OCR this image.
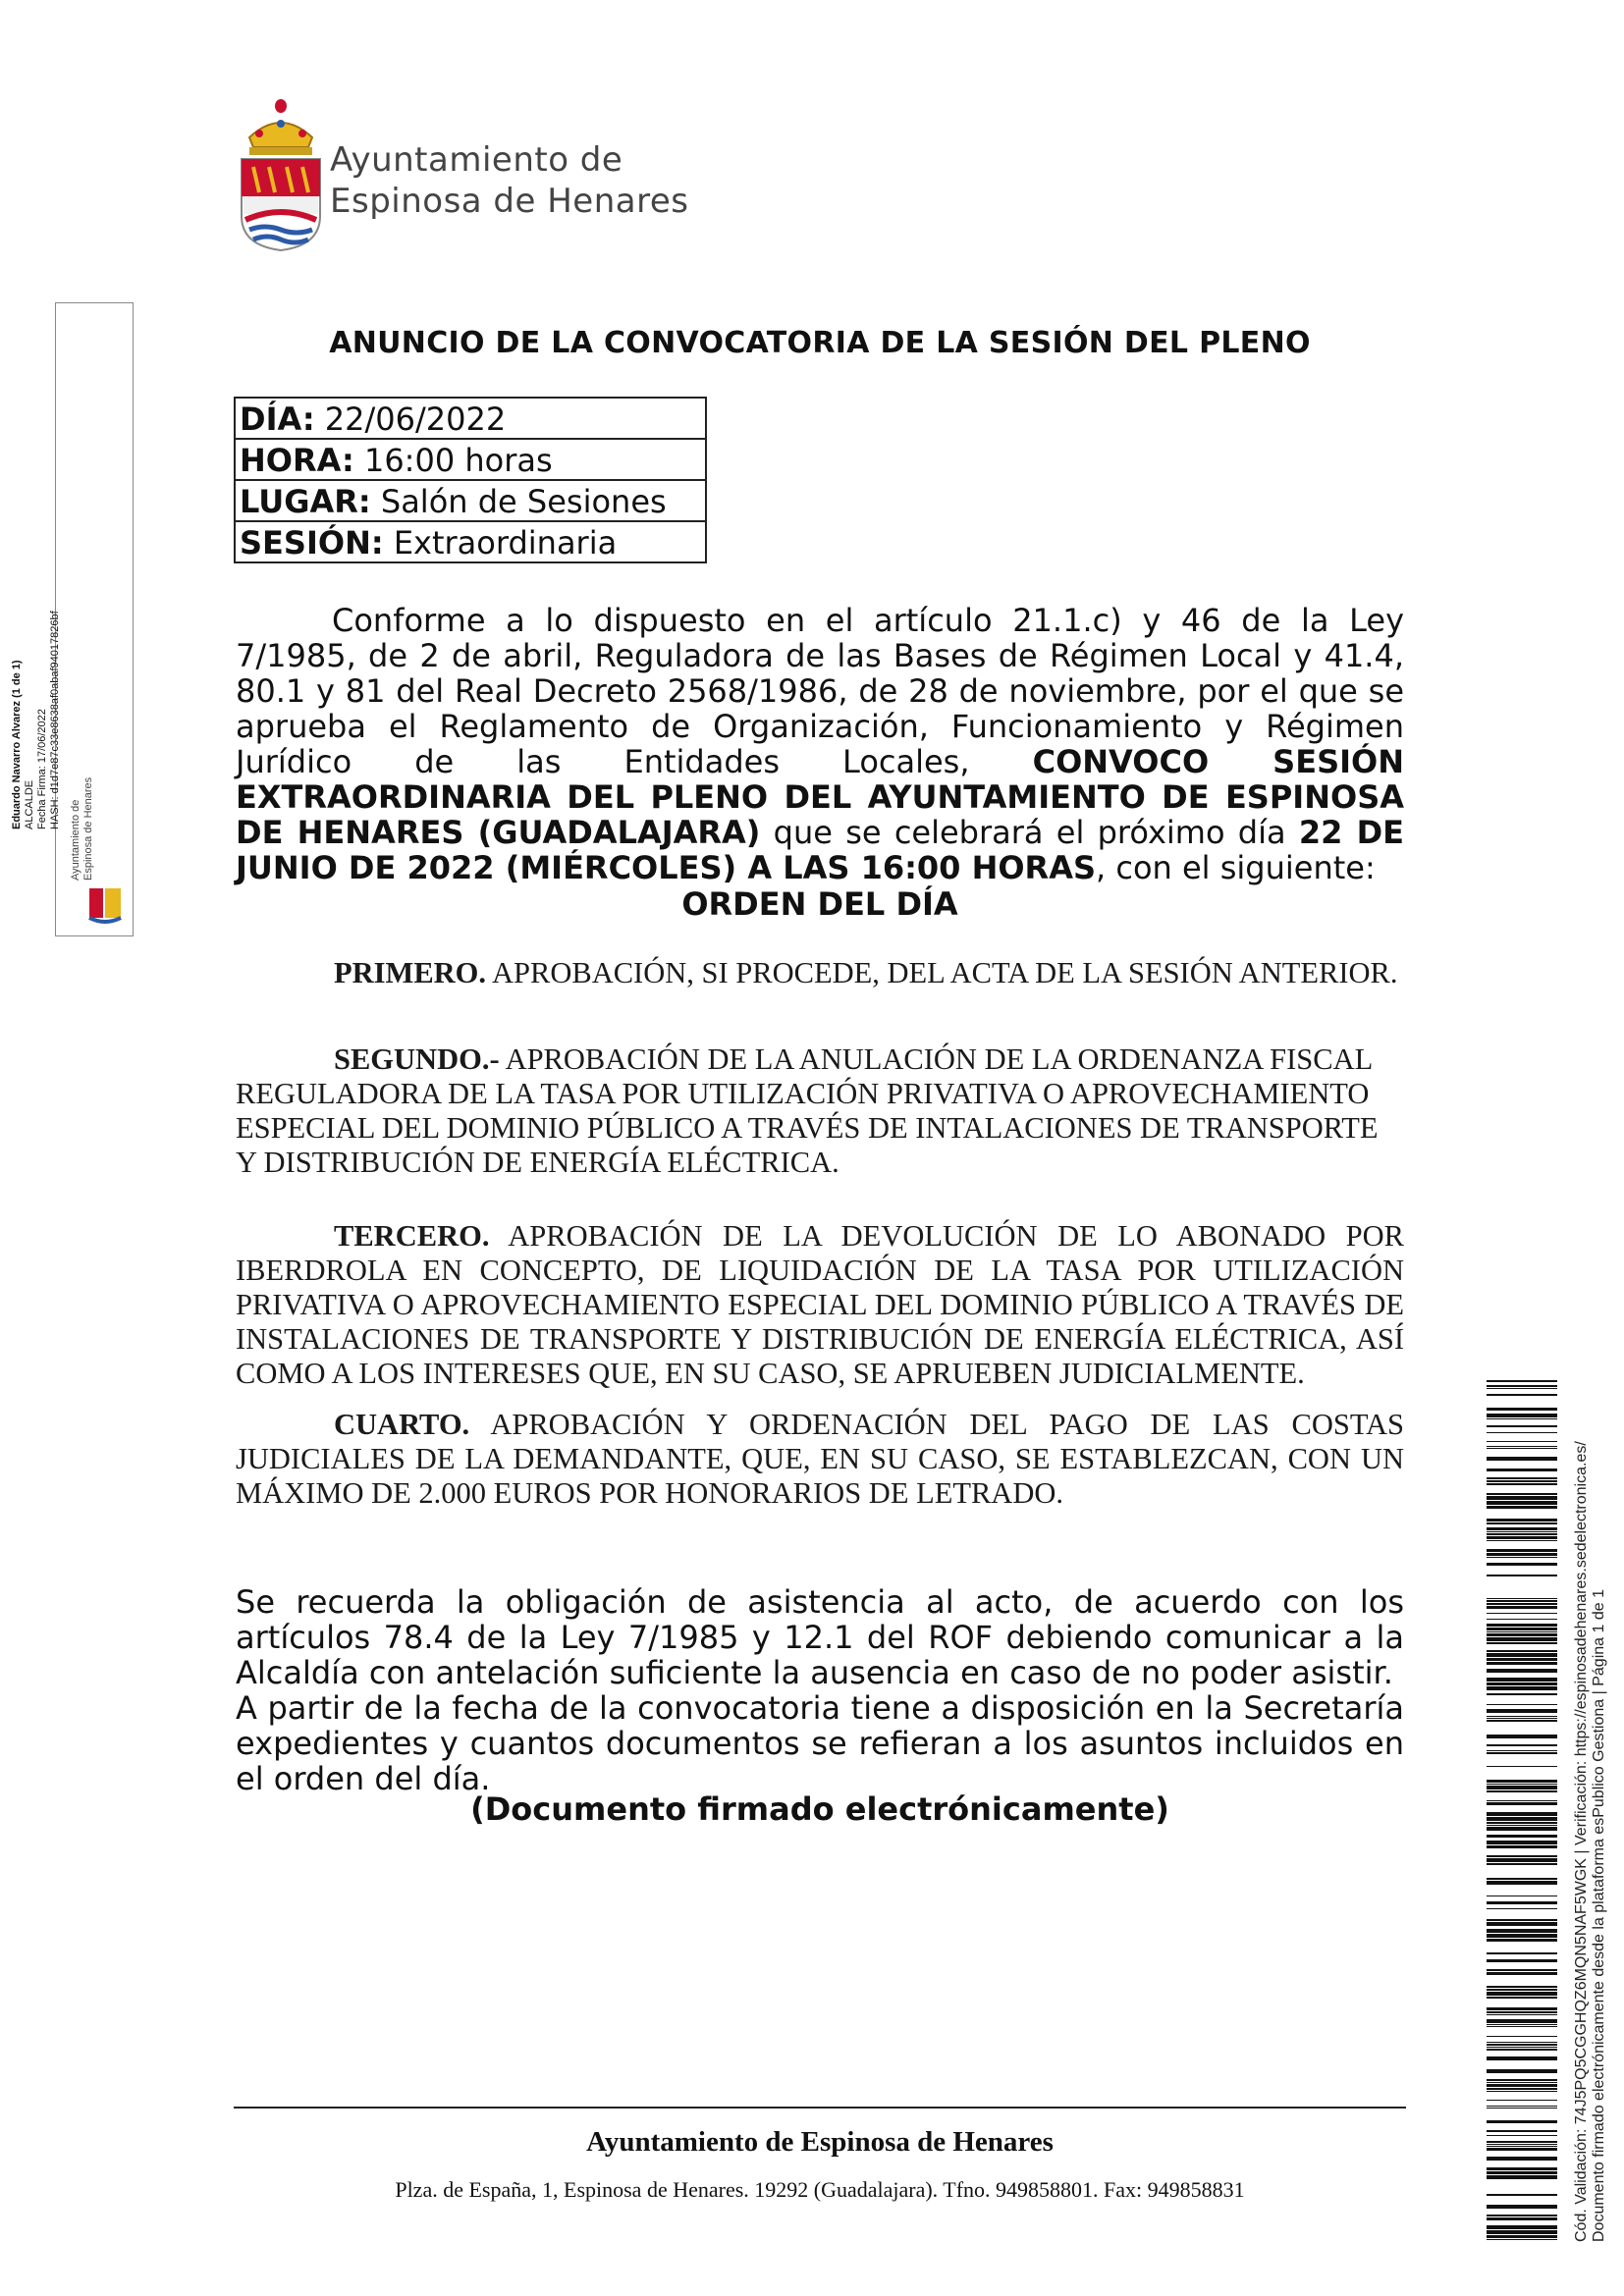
Ayuntamiento de
Espinosa de Henares
Eduardo Navarro Alvarez (1 de 1) ALCALDE Fecha Firma: 17/06/2022 HASH: d1d7e87c33e8638af0abaf9401782​6bf
Ayuntamiento de Espinosa de Henares
ANUNCIO DE LA CONVOCATORIA DE LA SESIÓN DEL PLENO
DÍA: 22/06/2022
HORA: 16:00 horas
LUGAR: Salón de Sesiones
SESIÓN: Extraordinaria
Conforme a lo dispuesto en el artículo 21.1.c) y 46 de la Ley 7/1985, de 2 de abril, Reguladora de las Bases de Régimen Local y 41.4, 80.1 y 81 del Real Decreto 2568/1986, de 28 de noviembre, por el que se aprueba el Reglamento de Organización, Funcionamiento y Régimen Jurídico de las Entidades Locales, CONVOCO SESIÓN EXTRAORDINARIA DEL PLENO DEL AYUNTAMIENTO DE ESPINOSA DE HENARES (GUADALAJARA) que se celebrará el próximo día 22 DE JUNIO DE 2022 (MIÉRCOLES) A LAS 16:00 HORAS, con el siguiente:
ORDEN DEL DÍA
PRIMERO. APROBACIÓN, SI PROCEDE, DEL ACTA DE LA SESIÓN ANTERIOR.
SEGUNDO.- APROBACIÓN DE LA ANULACIÓN DE LA ORDENANZA FISCAL REGULADORA DE LA TASA POR UTILIZACIÓN PRIVATIVA O APROVECHAMIENTO ESPECIAL DEL DOMINIO PÚBLICO A TRAVÉS DE INTALACIONES DE TRANSPORTE Y DISTRIBUCIÓN DE ENERGÍA ELÉCTRICA.
TERCERO. APROBACIÓN DE LA DEVOLUCIÓN DE LO ABONADO POR IBERDROLA EN CONCEPTO, DE LIQUIDACIÓN DE LA TASA POR UTILIZACIÓN PRIVATIVA O APROVECHAMIENTO ESPECIAL DEL DOMINIO PÚBLICO A TRAVÉS DE INSTALACIONES DE TRANSPORTE Y DISTRIBUCIÓN DE ENERGÍA ELÉCTRICA, ASÍ COMO A LOS INTERESES QUE, EN SU CASO, SE APRUEBEN JUDICIALMENTE.
CUARTO. APROBACIÓN Y ORDENACIÓN DEL PAGO DE LAS COSTAS JUDICIALES DE LA DEMANDANTE, QUE, EN SU CASO, SE ESTABLEZCAN, CON UN MÁXIMO DE 2.000 EUROS POR HONORARIOS DE LETRADO.
Se recuerda la obligación de asistencia al acto, de acuerdo con los artículos 78.4 de la Ley 7/1985 y 12.1 del ROF debiendo comunicar a la Alcaldía con antelación suficiente la ausencia en caso de no poder asistir.
A partir de la fecha de la convocatoria tiene a disposición en la Secretaría expedientes y cuantos documentos se refieran a los asuntos incluidos en el orden del día.
(Documento firmado electrónicamente)
Ayuntamiento de Espinosa de Henares
Plza. de España, 1, Espinosa de Henares. 19292 (Guadalajara). Tfno. 949858801. Fax: 949858831	Cód. Validación: 74J5PQ5CGGHQZ6MQN5NAF5WGK | Verificación: https://espinosadehenares.sedelectronica.es/ Documento firmado electrónicamente desde la plataforma esPublico Gestiona | Página 1 de 1
